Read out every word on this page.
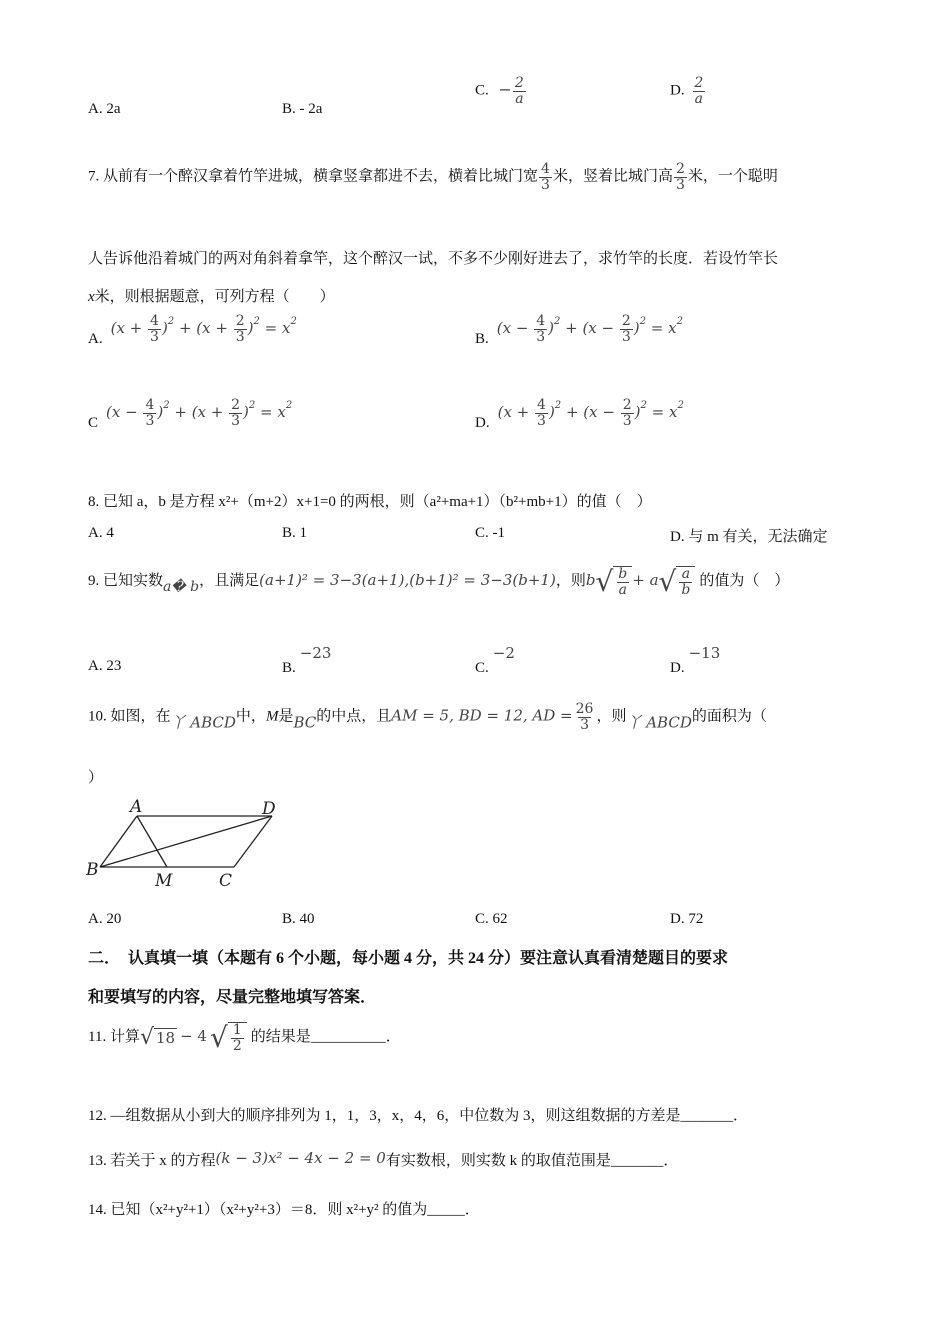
A. 2a	B. - 2a
C. − $\frac{2}{a}$	D. $\frac{2}{a}$
7. 从前有一个醉汉拿着竹竿进城，横拿竖拿都进不去，横着比城门宽 $\frac{4}{3}$ 米，竖着比城门高 $\frac{2}{3}$ 米，一个聪明
人告诉他沿着城门的两对角斜着拿竿，这个醉汉一试，不多不少刚好进去了，求竹竿的长度．若设竹竿长
x米，则根据题意，可列方程（　　）
$A.(x + \frac{4}{3} )^2 + (x + \frac{2}{3} )^2 = x^2$
$B.(x - \frac{4}{3} )^2 + (x - \frac{2}{3} )^2 = x^2$
$C(x - \frac{4}{3} )^2 + (x + \frac{2}{3} )^2 = x^2$
$D.(x + \frac{4}{3} )^2 + (x - \frac{2}{3} )^2 = x^2$
8. 已知 a，b 是方程 x²+（m+2）x+1=0 的两根，则（a²+ma+1）（b²+mb+1）的值（　）
A. 4	B. 1	C. -1	D. 与 m 有关，无法确定
9. 已知实数a� b，且满足(a+1)² = 3−3(a+1),(b+1)² = 3−3(b+1)，则b √ $\frac{b}{a} + a$ √ $\frac{a}{b}$ 的值为（　）
A. 23	B.−23
C.−2
D.−13
10. 如图，在丫 ABCD中，M是BC的中点，且AM = 5, BD = 12, AD = $\frac{26}{3}$ ，则丫 ABCD的面积为（
）
A
B
C
D
M
A. 20	B. 40	C. 62	D. 72
二．　认真填一填（本题有 6 个小题，每小题 4 分，共 24 分）要注意认真看清楚题目的要求
和要填写的内容，尽量完整地填写答案．
11. 计算 √ 18 − 4 √ $\frac{1}{2}$ 的结果是__________．
12. —组数据从小到大的顺序排列为 1，1，3，x，4，6，中位数为 3，则这组数据的方差是_______．
13. 若关于 x 的方程(k − 3)x² − 4x − 2 = 0有实数根，则实数 k 的取值范围是_______．
14. 已知（x²+y²+1）（x²+y²+3）＝8．则 x²+y² 的值为_____．
